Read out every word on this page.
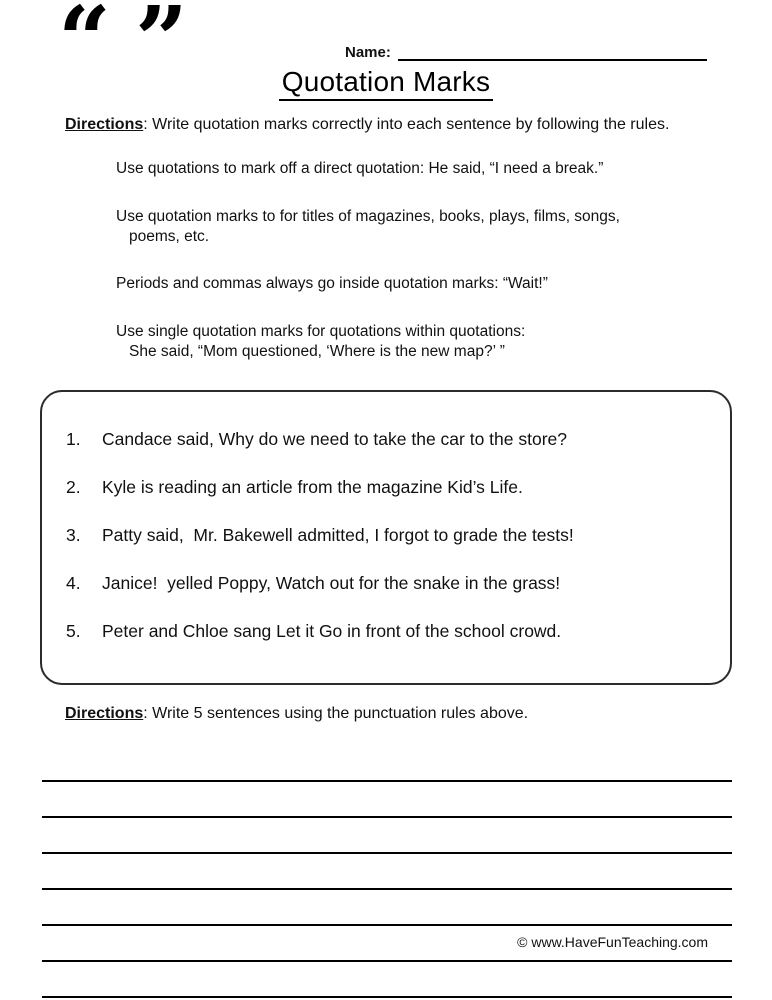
“ ”	Name:
Quotation Marks
Directions: Write quotation marks correctly into each sentence by following the rules.
Use quotations to mark off a direct quotation: He said, “I need a break.”
Use quotation marks to for titles of magazines, books, plays, films, songs,
poems, etc.
Periods and commas always go inside quotation marks: “Wait!”
Use single quotation marks for quotations within quotations:
She said, “Mom questioned, ‘Where is the new map?’ ”
1.	Candace said, Why do we need to take the car to the store?
2.	Kyle is reading an article from the magazine Kid’s Life.
3.	Patty said,  Mr. Bakewell admitted, I forgot to grade the tests!
4.	Janice!  yelled Poppy, Watch out for the snake in the grass!
5.	Peter and Chloe sang Let it Go in front of the school crowd.
Directions: Write 5 sentences using the punctuation rules above.
© www.HaveFunTeaching.com
